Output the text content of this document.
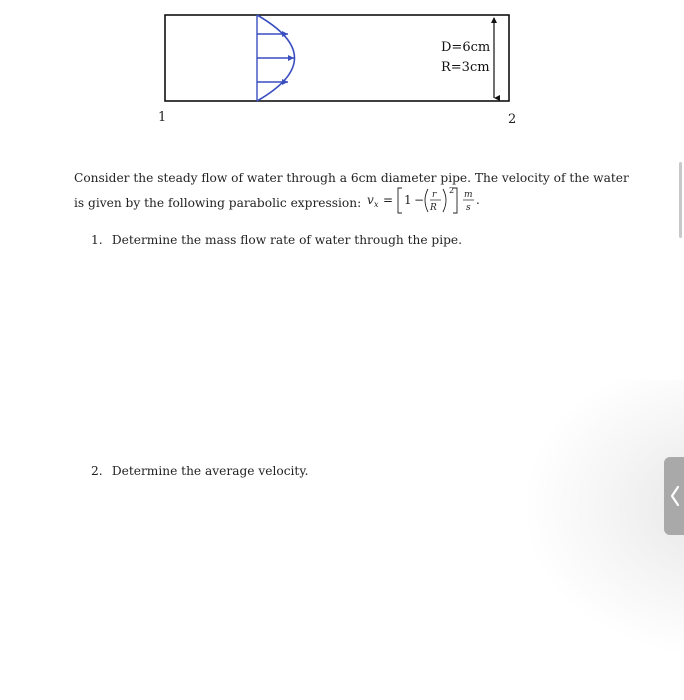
D=6cm
R=3cm
1	2
Consider the steady flow of water through a 6cm diameter pipe. The velocity of the water
is given by the following parabolic expression: v x = 1 − r
R
2 m
s
.
1. Determine the mass flow rate of water through the pipe.
2. Determine the average velocity.
